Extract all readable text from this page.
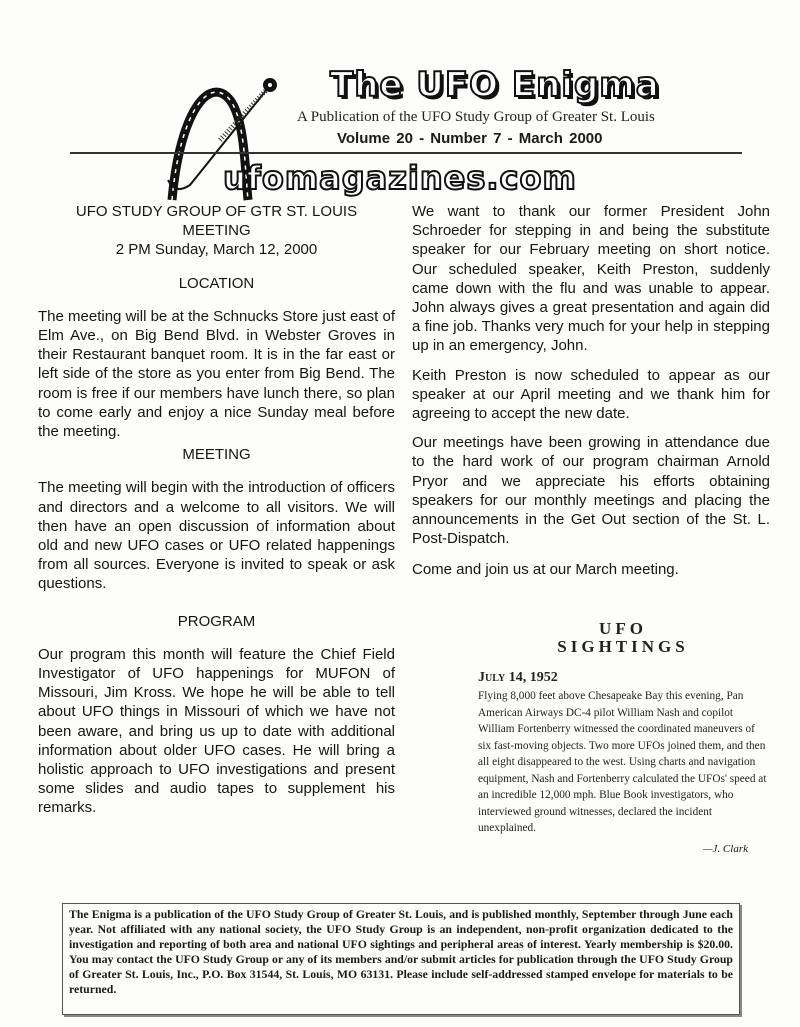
The UFO Enigma
A Publication of the UFO Study Group of Greater St. Louis
Volume 20 - Number 7 - March 2000
ufomagazines.com
UFO STUDY GROUP OF GTR ST. LOUIS
MEETING
2 PM Sunday, March 12, 2000
LOCATION
The meeting will be at the Schnucks Store just east of Elm Ave., on Big Bend Blvd. in Webster Groves in their Restaurant banquet room. It is in the far east or left side of the store as you enter from Big Bend. The room is free if our members have lunch there, so plan to come early and enjoy a nice Sunday meal before the meeting.
MEETING
The meeting will begin with the introduction of officers and directors and a welcome to all visitors. We will then have an open discussion of information about old and new UFO cases or UFO related happenings from all sources. Everyone is invited to speak or ask questions.
PROGRAM
Our program this month will feature the Chief Field Investigator of UFO happenings for MUFON of Missouri, Jim Kross. We hope he will be able to tell about UFO things in Missouri of which we have not been aware, and bring us up to date with additional information about older UFO cases. He will bring a holistic approach to UFO investigations and present some slides and audio tapes to supplement his remarks.
We want to thank our former President John Schroeder for stepping in and being the substitute speaker for our February meeting on short notice. Our scheduled speaker, Keith Preston, suddenly came down with the flu and was unable to appear. John always gives a great presentation and again did a fine job. Thanks very much for your help in stepping up in an emergency, John.
Keith Preston is now scheduled to appear as our speaker at our April meeting and we thank him for agreeing to accept the new date.
Our meetings have been growing in attendance due to the hard work of our program chairman Arnold Pryor and we appreciate his efforts obtaining speakers for our monthly meetings and placing the announcements in the Get Out section of the St. L. Post-Dispatch.
Come and join us at our March meeting.
UFO
SIGHTINGS
July 14, 1952

Flying 8,000 feet above Chesapeake Bay this evening, Pan American Airways DC-4 pilot William Nash and copilot William Fortenberry witnessed the coordinated maneuvers of six fast-moving objects. Two more UFOs joined them, and then all eight disappeared to the west. Using charts and navigation equipment, Nash and Fortenberry calculated the UFOs' speed at an incredible 12,000 mph. Blue Book investigators, who interviewed ground witnesses, declared the incident unexplained.

—J. Clark
The Enigma is a publication of the UFO Study Group of Greater St. Louis, and is published monthly, September through June each year. Not affiliated with any national society, the UFO Study Group is an independent, non-profit organization dedicated to the investigation and reporting of both area and national UFO sightings and peripheral areas of interest. Yearly membership is $20.00. You may contact the UFO Study Group or any of its members and/or submit articles for publication through the UFO Study Group of Greater St. Louis, Inc., P.O. Box 31544, St. Louis, MO 63131. Please include self-addressed stamped envelope for materials to be returned.
